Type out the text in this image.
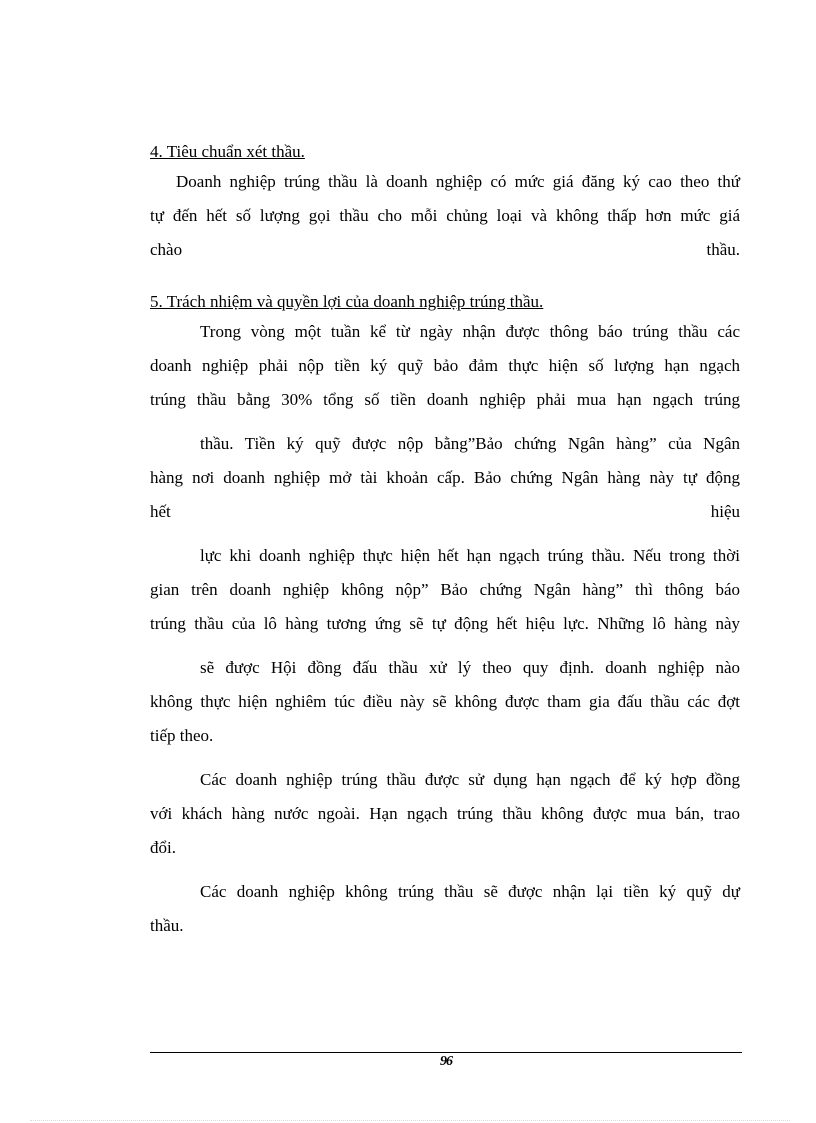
4. Tiêu chuẩn xét thầu.
Doanh nghiệp trúng thầu là doanh nghiệp có mức giá đăng ký cao theo thứ
tự đến hết số lượng gọi thầu cho mỗi chủng loại và không thấp hơn mức giá
chào	thầu.
5. Trách nhiệm và quyền lợi của doanh nghiệp trúng thầu.
Trong vòng một tuần kể từ ngày nhận được thông báo trúng thầu các
doanh nghiệp phải nộp tiền ký quỹ bảo đảm thực hiện số lượng hạn ngạch
trúng thầu bằng 30% tổng số tiền doanh nghiệp phải mua hạn ngạch trúng
thầu. Tiền ký quỹ được nộp bằng”Bảo chứng Ngân hàng” của Ngân
hàng nơi doanh nghiệp mở tài khoản cấp. Bảo chứng Ngân hàng này tự động
hết	hiệu
lực khi doanh nghiệp thực hiện hết hạn ngạch trúng thầu. Nếu trong thời
gian trên doanh nghiệp không nộp” Bảo chứng Ngân hàng” thì thông báo
trúng thầu của lô hàng tương ứng sẽ tự động hết hiệu lực. Những lô hàng này
sẽ được Hội đồng đấu thầu xử lý theo quy định. doanh nghiệp nào
không thực hiện nghiêm túc điều này sẽ không được tham gia đấu thầu các đợt
tiếp theo.
Các doanh nghiệp trúng thầu được sử dụng hạn ngạch để ký hợp đồng
với khách hàng nước ngoài. Hạn ngạch trúng thầu không được mua bán, trao
đổi.
Các doanh nghiệp không trúng thầu sẽ được nhận lại tiền ký quỹ dự
thầu.
96
